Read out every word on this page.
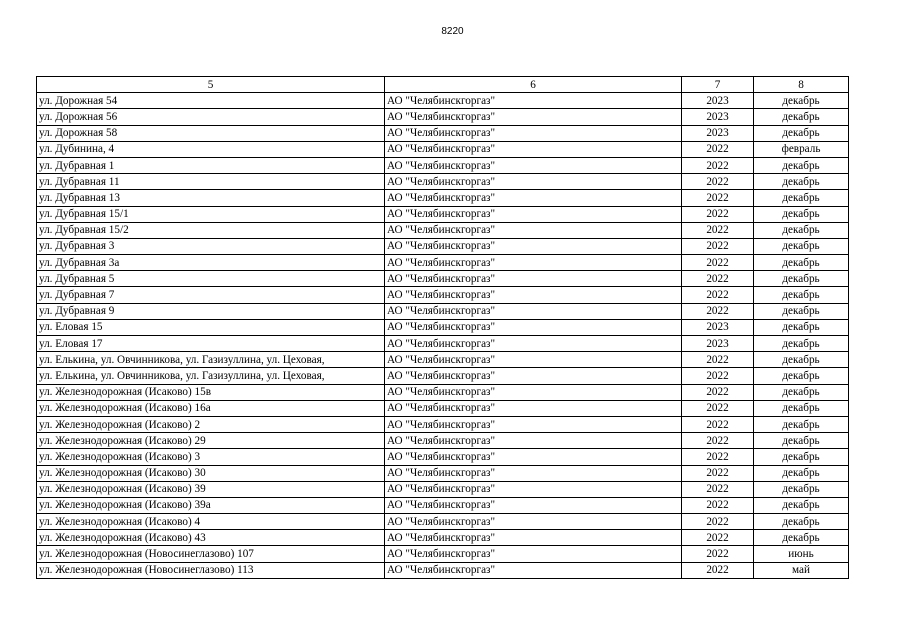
8220
5	6	7	8
ул. Дорожная 54	АО "Челябинскгоргаз"	2023	декабрь
ул. Дорожная 56	АО "Челябинскгоргаз"	2023	декабрь
ул. Дорожная 58	АО "Челябинскгоргаз"	2023	декабрь
ул. Дубинина, 4	АО "Челябинскгоргаз"	2022	февраль
ул. Дубравная 1	АО "Челябинскгоргаз"	2022	декабрь
ул. Дубравная 11	АО "Челябинскгоргаз"	2022	декабрь
ул. Дубравная 13	АО "Челябинскгоргаз"	2022	декабрь
ул. Дубравная 15/1	АО "Челябинскгоргаз"	2022	декабрь
ул. Дубравная 15/2	АО "Челябинскгоргаз"	2022	декабрь
ул. Дубравная 3	АО "Челябинскгоргаз"	2022	декабрь
ул. Дубравная 3а	АО "Челябинскгоргаз"	2022	декабрь
ул. Дубравная 5	АО "Челябинскгоргаз"	2022	декабрь
ул. Дубравная 7	АО "Челябинскгоргаз"	2022	декабрь
ул. Дубравная 9	АО "Челябинскгоргаз"	2022	декабрь
ул. Еловая 15	АО "Челябинскгоргаз"	2023	декабрь
ул. Еловая 17	АО "Челябинскгоргаз"	2023	декабрь
ул. Елькина, ул. Овчинникова, ул. Газизуллина, ул. Цеховая,	АО "Челябинскгоргаз"	2022	декабрь
ул. Елькина, ул. Овчинникова, ул. Газизуллина, ул. Цеховая,	АО "Челябинскгоргаз"	2022	декабрь
ул. Железнодорожная (Исаково) 15в	АО "Челябинскгоргаз"	2022	декабрь
ул. Железнодорожная (Исаково) 16а	АО "Челябинскгоргаз"	2022	декабрь
ул. Железнодорожная (Исаково) 2	АО "Челябинскгоргаз"	2022	декабрь
ул. Железнодорожная (Исаково) 29	АО "Челябинскгоргаз"	2022	декабрь
ул. Железнодорожная (Исаково) 3	АО "Челябинскгоргаз"	2022	декабрь
ул. Железнодорожная (Исаково) 30	АО "Челябинскгоргаз"	2022	декабрь
ул. Железнодорожная (Исаково) 39	АО "Челябинскгоргаз"	2022	декабрь
ул. Железнодорожная (Исаково) 39а	АО "Челябинскгоргаз"	2022	декабрь
ул. Железнодорожная (Исаково) 4	АО "Челябинскгоргаз"	2022	декабрь
ул. Железнодорожная (Исаково) 43	АО "Челябинскгоргаз"	2022	декабрь
ул. Железнодорожная (Новосинеглазово) 107	АО "Челябинскгоргаз"	2022	июнь
ул. Железнодорожная (Новосинеглазово) 113	АО "Челябинскгоргаз"	2022	май
